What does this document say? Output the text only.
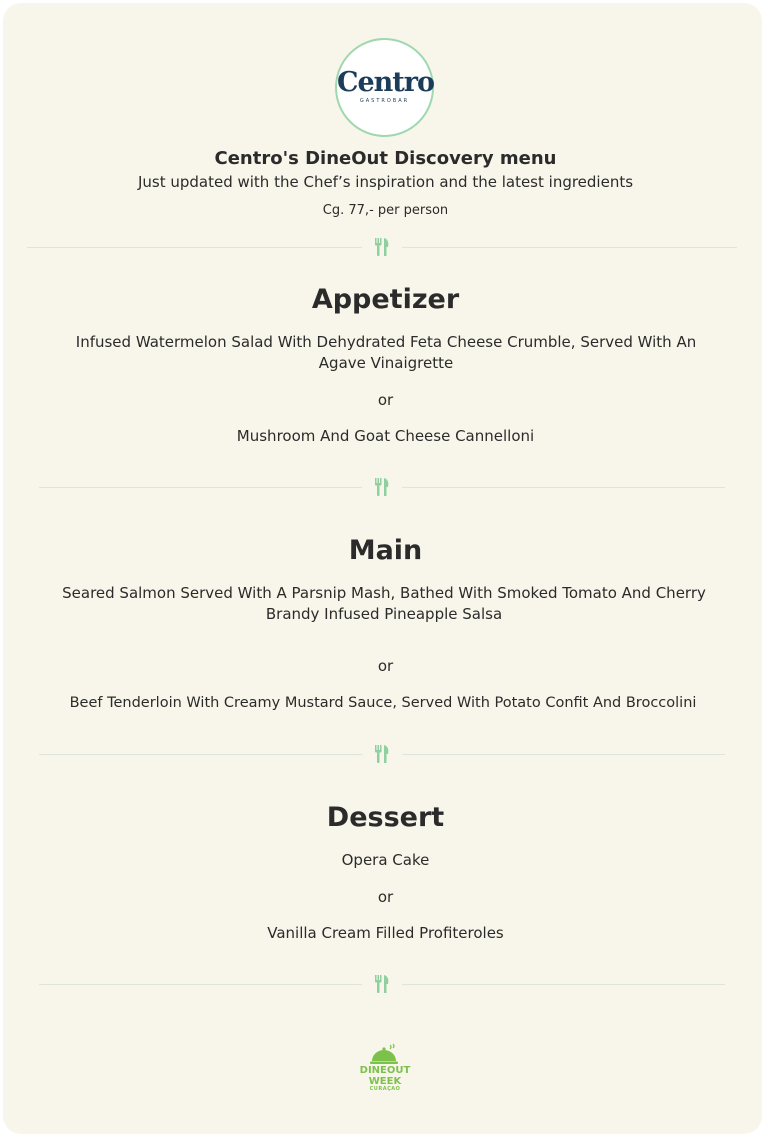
Centro
GASTROBAR
Centro's DineOut Discovery menu
Just updated with the Chef’s inspiration and the latest ingredients
Cg. 77,- per person
Appetizer
Infused Watermelon Salad With Dehydrated Feta Cheese Crumble, Served With An Agave Vinaigrette
or
Mushroom And Goat Cheese Cannelloni
Main
Seared Salmon Served With A Parsnip Mash, Bathed With Smoked Tomato And Cherry Brandy Infused Pineapple Salsa
or
Beef Tenderloin With Creamy Mustard Sauce, Served With Potato Confit And Broccolini
Dessert
Opera Cake
or
Vanilla Cream Filled Profiteroles
DINEOUT
WEEK
CURAÇAO
